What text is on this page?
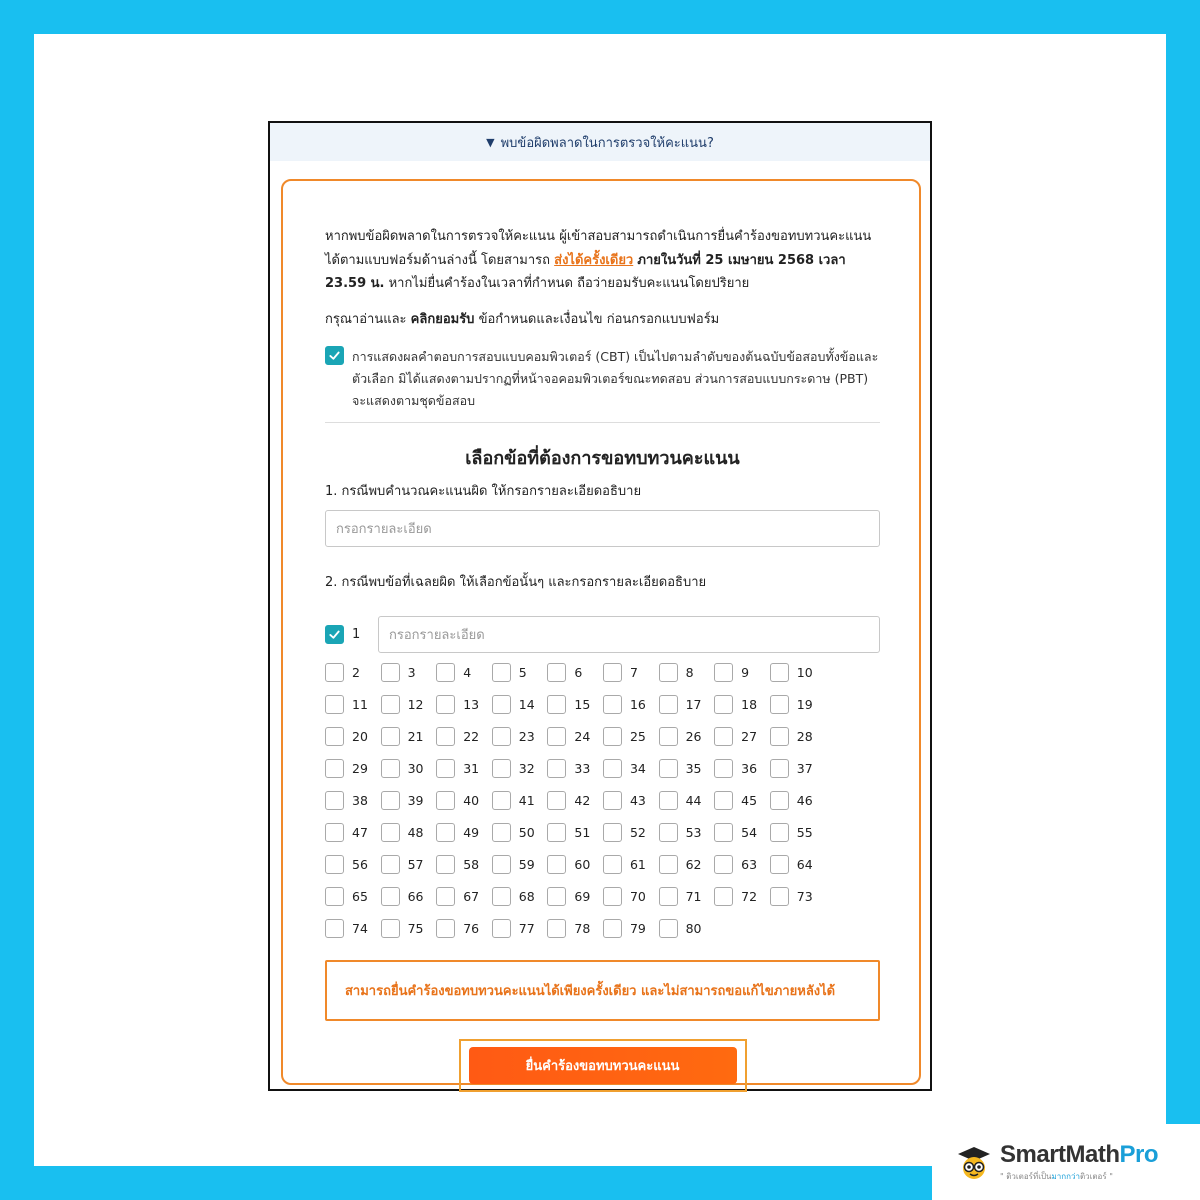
▼ พบข้อผิดพลาดในการตรวจให้คะแนน?

หากพบข้อผิดพลาดในการตรวจให้คะแนน ผู้เข้าสอบสามารถดำเนินการยื่นคำร้องขอทบทวนคะแนนได้ตามแบบฟอร์มด้านล่างนี้ โดยสามารถ ส่งได้ครั้งเดียว ภายในวันที่ 25 เมษายน 2568 เวลา 23.59 น. หากไม่ยื่นคำร้องในเวลาที่กำหนด ถือว่ายอมรับคะแนนโดยปริยาย

กรุณาอ่านและ คลิกยอมรับ ข้อกำหนดและเงื่อนไข ก่อนกรอกแบบฟอร์ม

การแสดงผลคำตอบการสอบแบบคอมพิวเตอร์ (CBT) เป็นไปตามลำดับของต้นฉบับข้อสอบทั้งข้อและตัวเลือก มิได้แสดงตามปรากฏที่หน้าจอคอมพิวเตอร์ขณะทดสอบ ส่วนการสอบแบบกระดาษ (PBT) จะแสดงตามชุดข้อสอบ
เลือกข้อที่ต้องการขอทบทวนคะแนน

1. กรณีพบคำนวณคะแนนผิด ให้กรอกรายละเอียดอธิบาย

กรอกรายละเอียด

2. กรณีพบข้อที่เฉลยผิด ให้เลือกข้อนั้นๆ และกรอกรายละเอียดอธิบาย

1	กรอกรายละเอียด
2	3	4	5	6	7	8	9	10
11	12	13	14	15	16	17	18	19
20	21	22	23	24	25	26	27	28
29	30	31	32	33	34	35	36	37
38	39	40	41	42	43	44	45	46
47	48	49	50	51	52	53	54	55
56	57	58	59	60	61	62	63	64
65	66	67	68	69	70	71	72	73
74	75	76	77	78	79	80
สามารถยื่นคำร้องขอทบทวนคะแนนได้เพียงครั้งเดียว และไม่สามารถขอแก้ไขภายหลังได้
ยื่นคำร้องขอทบทวนคะแนน
SmartMathPro
" ติวเตอร์ที่เป็นมากกว่าติวเตอร์ "
